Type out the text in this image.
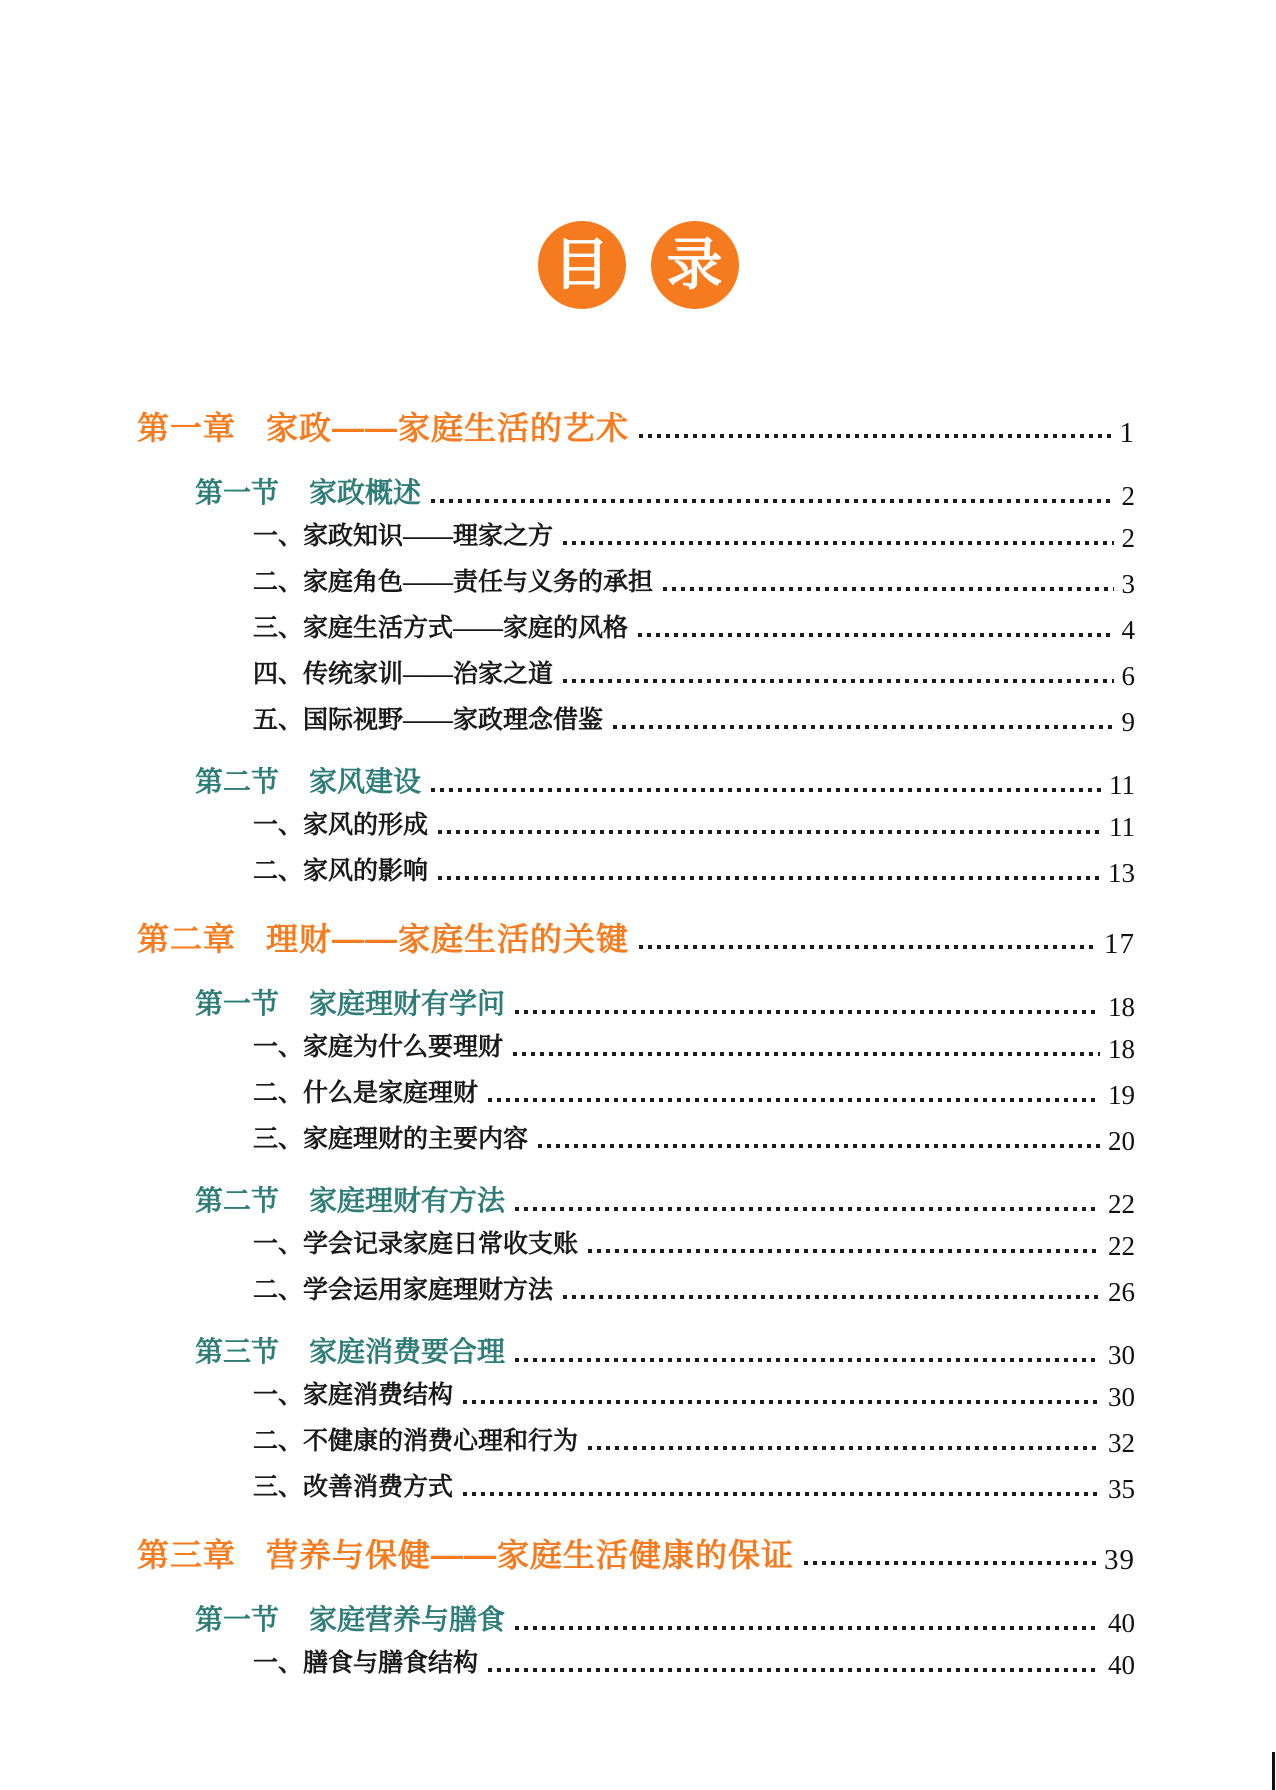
目 录
第一章 家政——家庭生活的艺术	1
第一节 家政概述	2
一、家政知识——理家之方	2
二、家庭角色——责任与义务的承担	3
三、家庭生活方式——家庭的风格	4
四、传统家训——治家之道	6
五、国际视野——家政理念借鉴	9
第二节 家风建设	11
一、家风的形成	11
二、家风的影响	13
第二章 理财——家庭生活的关键	17
第一节 家庭理财有学问	18
一、家庭为什么要理财	18
二、什么是家庭理财	19
三、家庭理财的主要内容	20
第二节 家庭理财有方法	22
一、学会记录家庭日常收支账	22
二、学会运用家庭理财方法	26
第三节 家庭消费要合理	30
一、家庭消费结构	30
二、不健康的消费心理和行为	32
三、改善消费方式	35
第三章 营养与保健——家庭生活健康的保证	39
第一节 家庭营养与膳食	40
一、膳食与膳食结构	40
